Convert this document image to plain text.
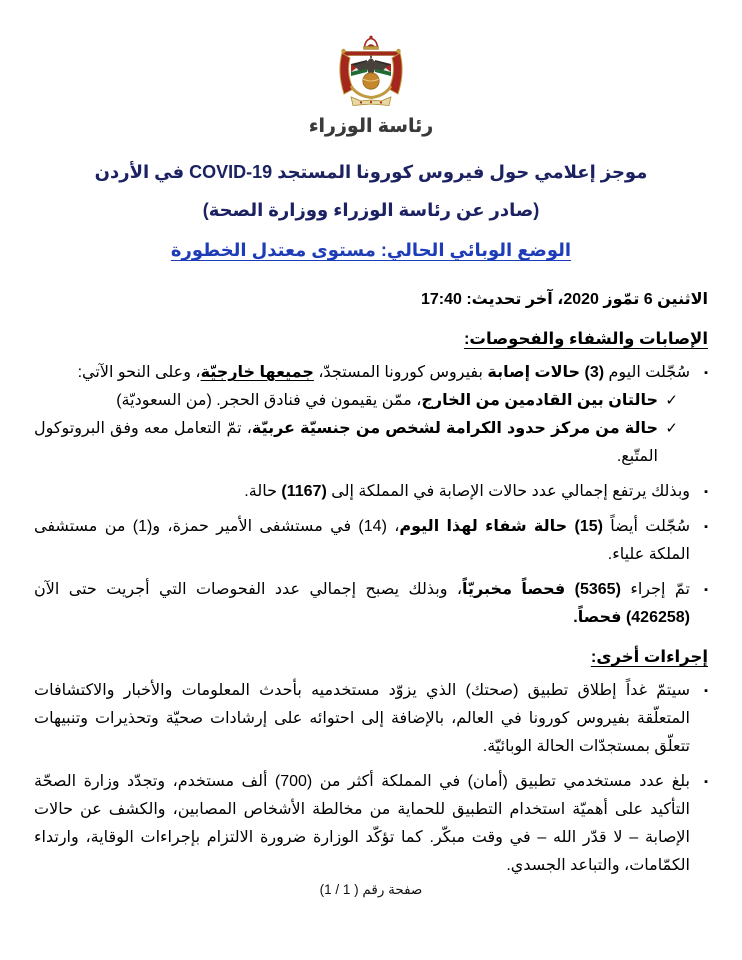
رئاسة الوزراء
موجز إعلامي حول فيروس كورونا المستجد COVID-19 في الأردن
(صادر عن رئاسة الوزراء ووزارة الصحة)
الوضع الوبائي الحالي: مستوى معتدل الخطورة
الاثنين 6 تمّوز 2020، آخر تحديث: 17:40
الإصابات والشفاء والفحوصات:
▪
سُجّلت اليوم (3) حالات إصابة بفيروس كورونا المستجدّ، جميعها خارجيّة، وعلى النحو الآتي:
✓
حالتان بين القادمين من الخارج، ممّن يقيمون في فنادق الحجر. (من السعوديّة)
✓
حالة من مركز حدود الكرامة لشخص من جنسيّة عربيّة، تمّ التعامل معه وفق البروتوكول المتّبع.
▪
وبذلك يرتفع إجمالي عدد حالات الإصابة في المملكة إلى (1167) حالة.
▪
سُجّلت أيضاً (15) حالة شفاء لهذا اليوم، (14) في مستشفى الأمير حمزة، و(1) من مستشفى الملكة علياء.
▪
تمّ إجراء (5365) فحصاً مخبريّاً، وبذلك يصبح إجمالي عدد الفحوصات التي أجريت حتى الآن (426258) فحصاً.
إجراءات أخرى:
▪
سيتمّ غداً إطلاق تطبيق (صحتك) الذي يزوّد مستخدميه بأحدث المعلومات والأخبار والاكتشافات المتعلّقة بفيروس كورونا في العالم، بالإضافة إلى احتوائه على إرشادات صحيّة وتحذيرات وتنبيهات تتعلّق بمستجدّات الحالة الوبائيّة.
▪
بلغ عدد مستخدمي تطبيق (أمان) في المملكة أكثر من (700) ألف مستخدم، وتجدّد وزارة الصحّة التأكيد على أهميّة استخدام التطبيق للحماية من مخالطة الأشخاص المصابين، والكشف عن حالات الإصابة – لا قدّر الله – في وقت مبكّر. كما تؤكّد الوزارة ضرورة الالتزام بإجراءات الوقاية، وارتداء الكمّامات، والتباعد الجسدي.
صفحة رقم ( 1 / 1)
